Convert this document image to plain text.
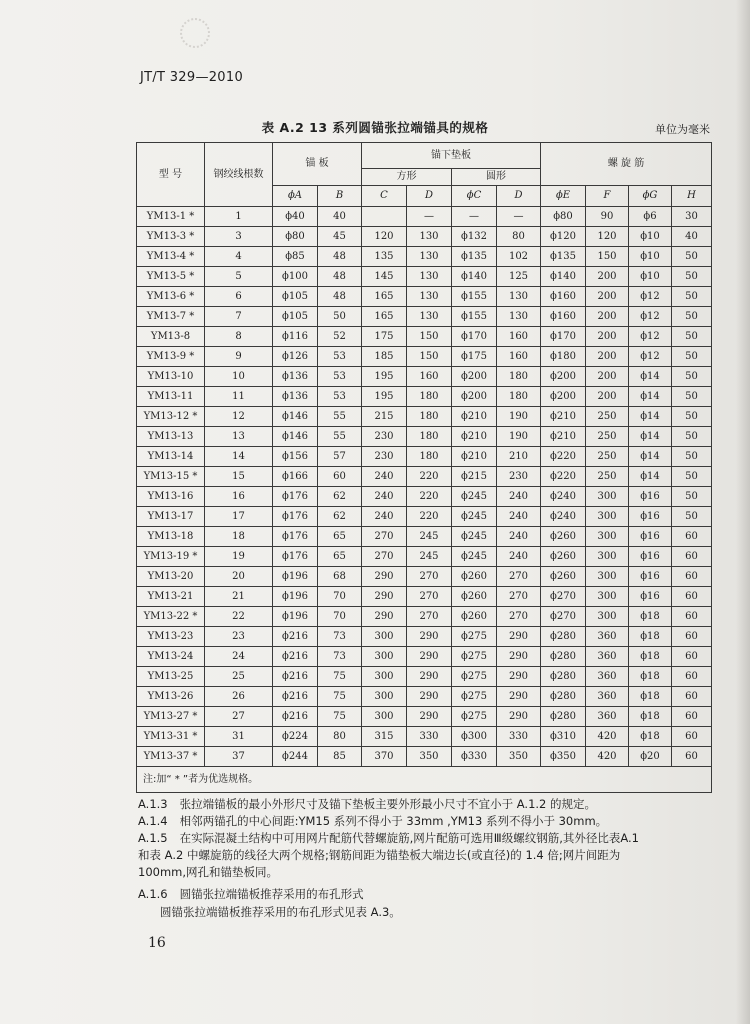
JT/T 329—2010
表 A.2 13 系列圆锚张拉端锚具的规格	单位为毫米
型 号	钢绞线根数	锚 板		锚下垫板				螺 旋 筋			
				方形		圆形					
		ϕA	B	C	D	ϕC	D	ϕE	F	ϕG	H
YM13-1 *	1	ϕ40	40		—	—	—	ϕ80	90	ϕ6	30
YM13-3 *	3	ϕ80	45	120	130	ϕ132	80	ϕ120	120	ϕ10	40
YM13-4 *	4	ϕ85	48	135	130	ϕ135	102	ϕ135	150	ϕ10	50
YM13-5 *	5	ϕ100	48	145	130	ϕ140	125	ϕ140	200	ϕ10	50
YM13-6 *	6	ϕ105	48	165	130	ϕ155	130	ϕ160	200	ϕ12	50
YM13-7 *	7	ϕ105	50	165	130	ϕ155	130	ϕ160	200	ϕ12	50
YM13-8	8	ϕ116	52	175	150	ϕ170	160	ϕ170	200	ϕ12	50
YM13-9 *	9	ϕ126	53	185	150	ϕ175	160	ϕ180	200	ϕ12	50
YM13-10	10	ϕ136	53	195	160	ϕ200	180	ϕ200	200	ϕ14	50
YM13-11	11	ϕ136	53	195	180	ϕ200	180	ϕ200	200	ϕ14	50
YM13-12 *	12	ϕ146	55	215	180	ϕ210	190	ϕ210	250	ϕ14	50
YM13-13	13	ϕ146	55	230	180	ϕ210	190	ϕ210	250	ϕ14	50
YM13-14	14	ϕ156	57	230	180	ϕ210	210	ϕ220	250	ϕ14	50
YM13-15 *	15	ϕ166	60	240	220	ϕ215	230	ϕ220	250	ϕ14	50
YM13-16	16	ϕ176	62	240	220	ϕ245	240	ϕ240	300	ϕ16	50
YM13-17	17	ϕ176	62	240	220	ϕ245	240	ϕ240	300	ϕ16	50
YM13-18	18	ϕ176	65	270	245	ϕ245	240	ϕ260	300	ϕ16	60
YM13-19 *	19	ϕ176	65	270	245	ϕ245	240	ϕ260	300	ϕ16	60
YM13-20	20	ϕ196	68	290	270	ϕ260	270	ϕ260	300	ϕ16	60
YM13-21	21	ϕ196	70	290	270	ϕ260	270	ϕ270	300	ϕ16	60
YM13-22 *	22	ϕ196	70	290	270	ϕ260	270	ϕ270	300	ϕ18	60
YM13-23	23	ϕ216	73	300	290	ϕ275	290	ϕ280	360	ϕ18	60
YM13-24	24	ϕ216	73	300	290	ϕ275	290	ϕ280	360	ϕ18	60
YM13-25	25	ϕ216	75	300	290	ϕ275	290	ϕ280	360	ϕ18	60
YM13-26	26	ϕ216	75	300	290	ϕ275	290	ϕ280	360	ϕ18	60
YM13-27 *	27	ϕ216	75	300	290	ϕ275	290	ϕ280	360	ϕ18	60
YM13-31 *	31	ϕ224	80	315	330	ϕ300	330	ϕ310	420	ϕ18	60
YM13-37 *	37	ϕ244	85	370	350	ϕ330	350	ϕ350	420	ϕ20	60
注:加“ * ”者为优选规格。											
A.1.3 张拉端锚板的最小外形尺寸及锚下垫板主要外形最小尺寸不宜小于 A.1.2 的规定。
A.1.4 相邻两锚孔的中心间距:YM15 系列不得小于 33mm ,YM13 系列不得小于 30mm。
A.1.5 在实际混凝土结构中可用网片配筋代替螺旋筋,网片配筋可选用Ⅲ级螺纹钢筋,其外径比表A.1
和表 A.2 中螺旋筋的线径大两个规格;钢筋间距为锚垫板大端边长(或直径)的 1.4 倍;网片间距为
100mm,网孔和锚垫板同。
A.1.6 圆锚张拉端锚板推荐采用的布孔形式
圆锚张拉端锚板推荐采用的布孔形式见表 A.3。
16
